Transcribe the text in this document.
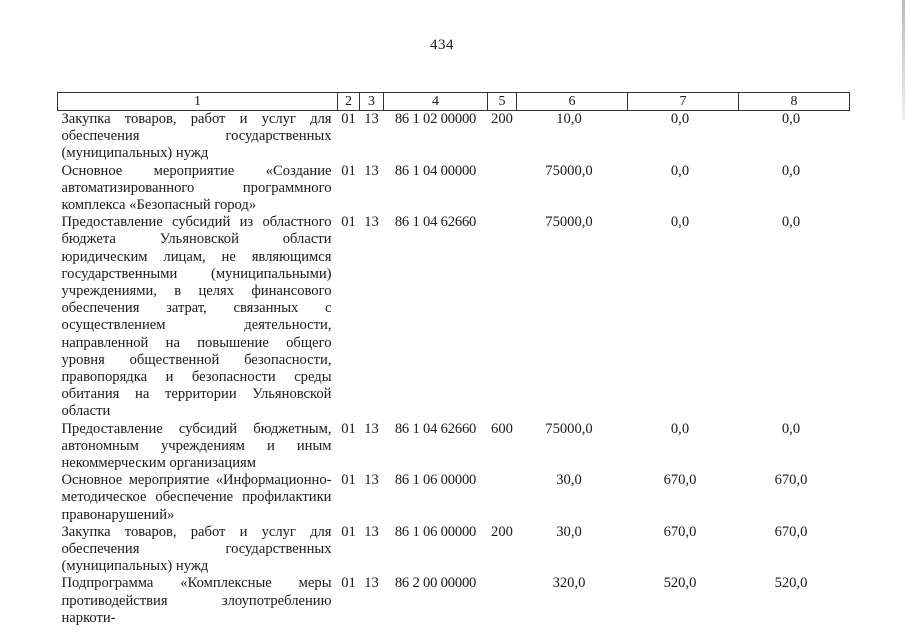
434
1	2	3	4	5	6	7	8
Закупка товаров, работ и услуг для обеспечения государственных (муниципальных) нужд	01	13	86 1 02 00000	200	10,0	0,0	0,0
Основное мероприятие «Создание автоматизированного программного комплекса «Безопасный город»	01	13	86 1 04 00000		75000,0	0,0	0,0
Предоставление субсидий из областного бюджета Ульяновской области юридическим лицам, не являющимся государственными (муниципальными) учреждениями, в целях финансового обеспечения затрат, связанных с осуществлением деятельности, направленной на повышение общего уровня общественной безопасности, правопорядка и безопасности среды обитания на территории Ульяновской области	01	13	86 1 04 62660		75000,0	0,0	0,0
Предоставление субсидий бюджетным, автономным учреждениям и иным некоммерческим организациям	01	13	86 1 04 62660	600	75000,0	0,0	0,0
Основное мероприятие «Информационно-методическое обеспечение профилактики правонарушений»	01	13	86 1 06 00000		30,0	670,0	670,0
Закупка товаров, работ и услуг для обеспечения государственных (муниципальных) нужд	01	13	86 1 06 00000	200	30,0	670,0	670,0
Подпрограмма «Комплексные меры противодействия злоупотреблению наркоти-	01	13	86 2 00 00000		320,0	520,0	520,0
